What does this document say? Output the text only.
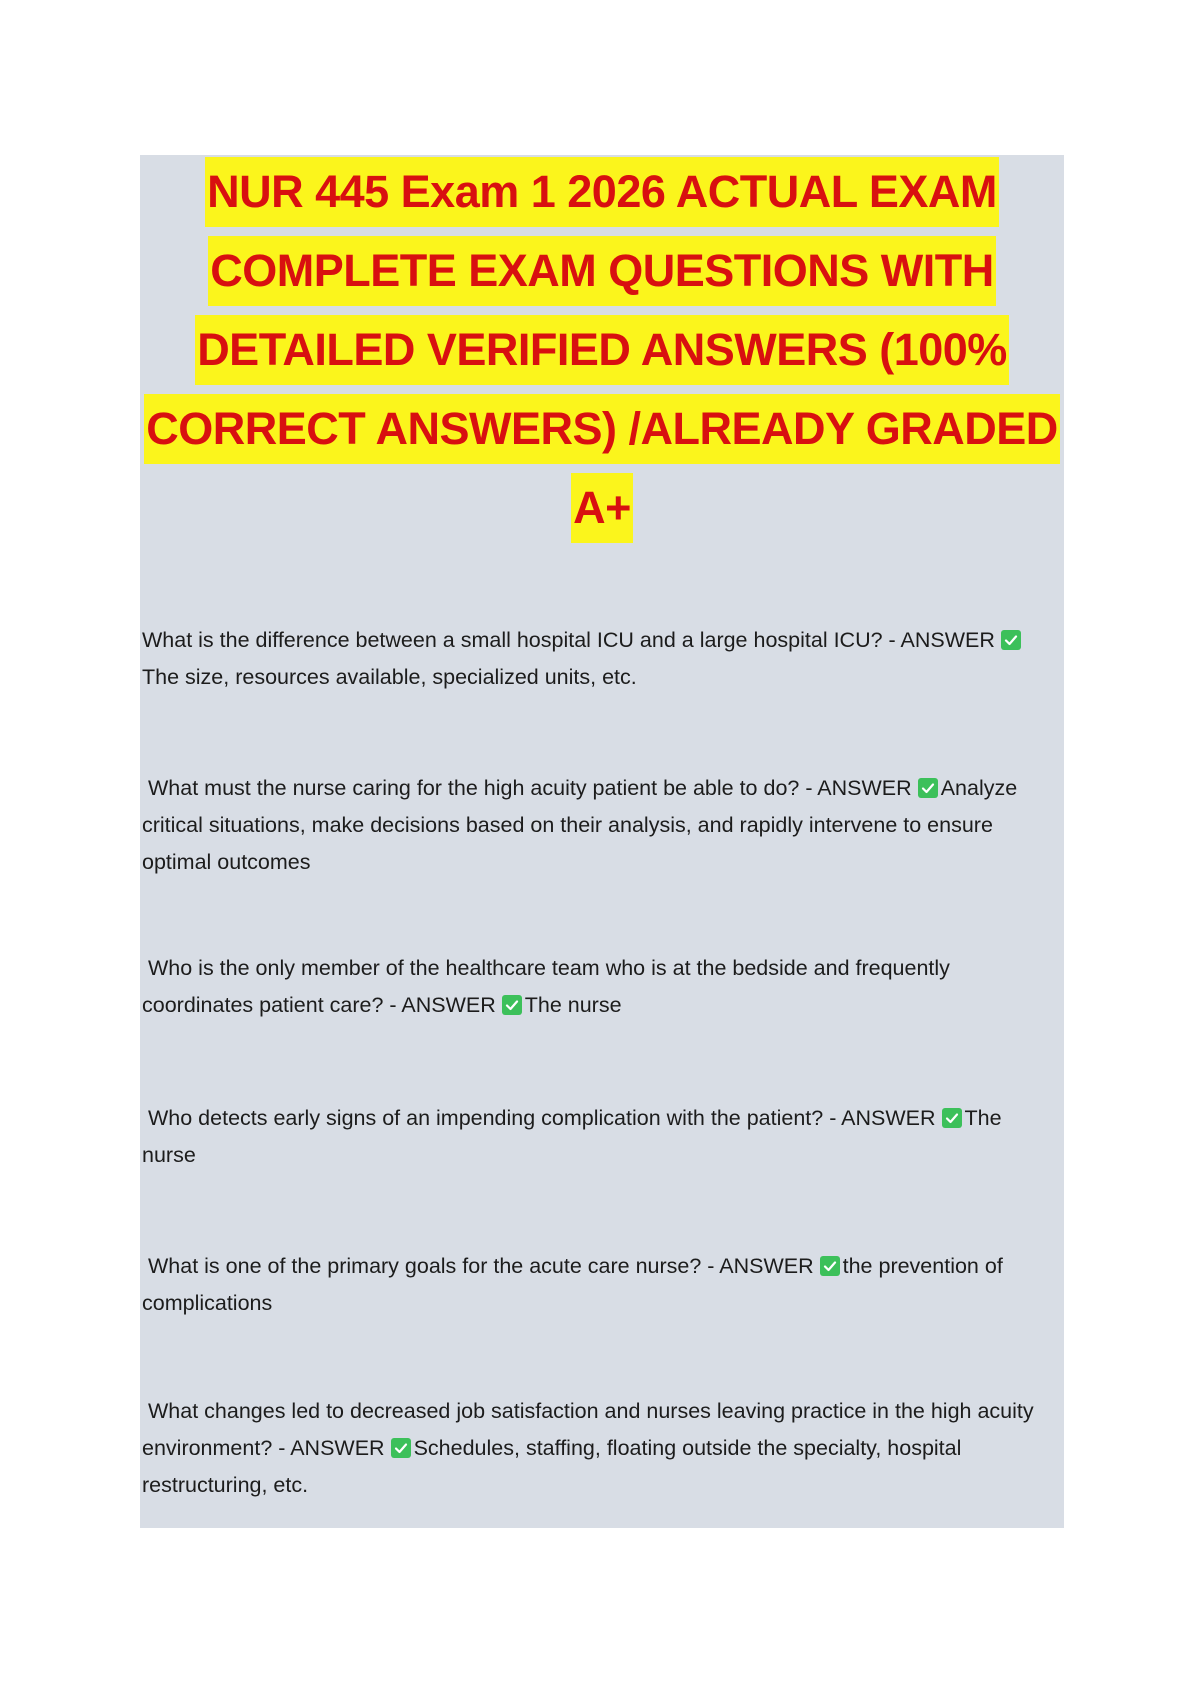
NUR 445 Exam 1 2026 ACTUAL EXAM
COMPLETE EXAM QUESTIONS WITH
DETAILED VERIFIED ANSWERS (100%
CORRECT ANSWERS) /ALREADY GRADED
A+
What is the difference between a small hospital ICU and a large hospital ICU? - ANSWER
The size, resources available, specialized units, etc.
What must the nurse caring for the high acuity patient be able to do? - ANSWER Analyze critical situations, make decisions based on their analysis, and rapidly intervene to ensure optimal outcomes
Who is the only member of the healthcare team who is at the bedside and frequently coordinates patient care? - ANSWER The nurse
Who detects early signs of an impending complication with the patient? - ANSWER The nurse
What is one of the primary goals for the acute care nurse? - ANSWER the prevention of complications
What changes led to decreased job satisfaction and nurses leaving practice in the high acuity environment? - ANSWER Schedules, staffing, floating outside the specialty, hospital restructuring, etc.
